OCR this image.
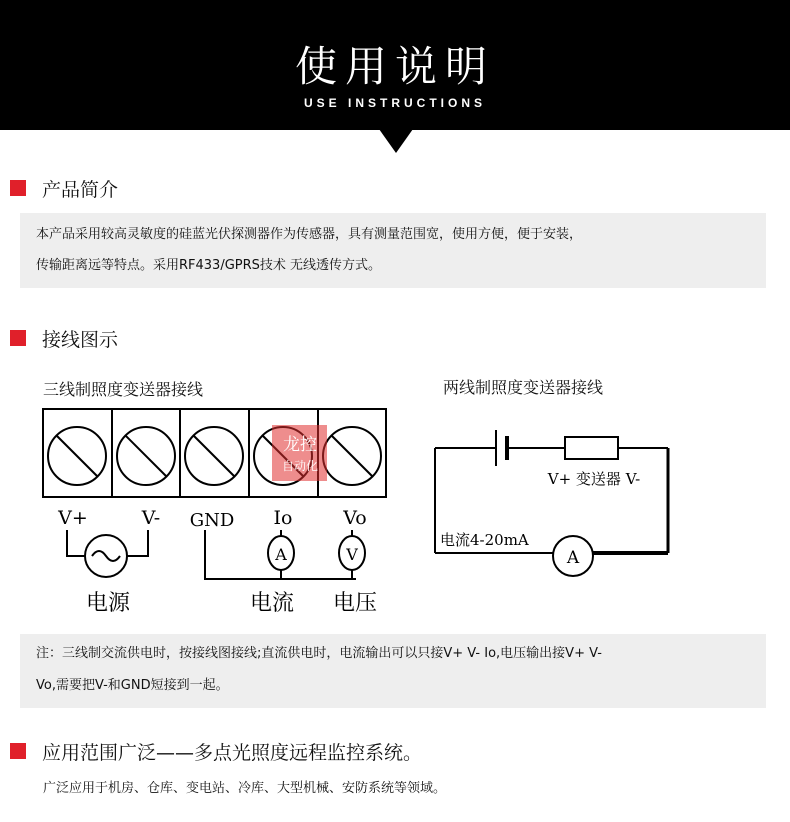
使用说明
USE INSTRUCTIONS
产品简介

本产品采用较高灵敏度的硅蓝光伏探测器作为传感器，具有测量范围宽，使用方便，便于安装，

传输距离远等特点。采用RF433/GPRS技术 无线透传方式。

接线图示
三线制照度变送器接线	两线制照度变送器接线
龙控
自动化
V+	V- GND Io	Vo
A	V
电源	电流 电压
A
V+ 变送器 V-
电流4-20mA

注：三线制交流供电时，按接线图接线;直流供电时，电流输出可以只接V+ V- Io,电压输出接V+ V-

Vo,需要把V-和GND短接到一起。

应用范围广泛——多点光照度远程监控系统。
广泛应用于机房、仓库、变电站、冷库、大型机械、安防系统等领域。
